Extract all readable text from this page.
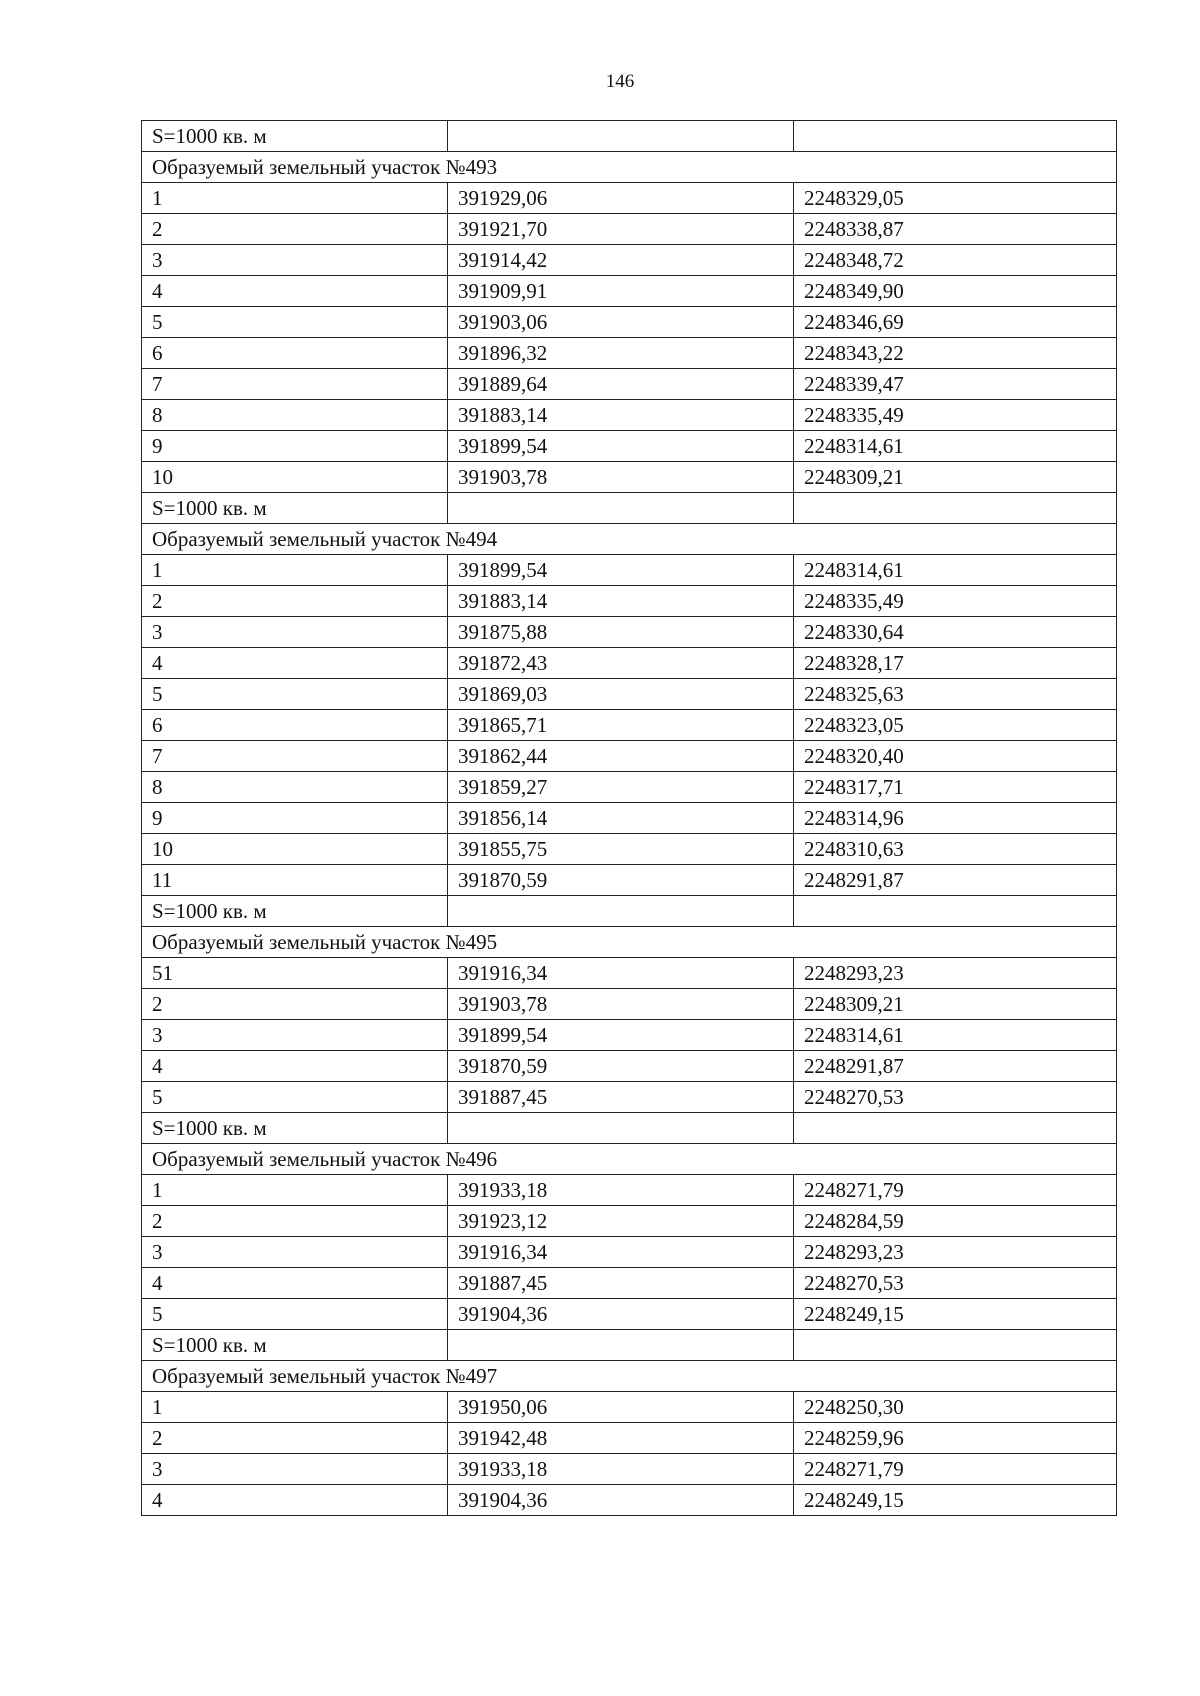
146
S=1000 кв. м		
Образуемый земельный участок №493		
1	391929,06	2248329,05
2	391921,70	2248338,87
3	391914,42	2248348,72
4	391909,91	2248349,90
5	391903,06	2248346,69
6	391896,32	2248343,22
7	391889,64	2248339,47
8	391883,14	2248335,49
9	391899,54	2248314,61
10	391903,78	2248309,21
S=1000 кв. м		
Образуемый земельный участок №494		
1	391899,54	2248314,61
2	391883,14	2248335,49
3	391875,88	2248330,64
4	391872,43	2248328,17
5	391869,03	2248325,63
6	391865,71	2248323,05
7	391862,44	2248320,40
8	391859,27	2248317,71
9	391856,14	2248314,96
10	391855,75	2248310,63
11	391870,59	2248291,87
S=1000 кв. м		
Образуемый земельный участок №495		
51	391916,34	2248293,23
2	391903,78	2248309,21
3	391899,54	2248314,61
4	391870,59	2248291,87
5	391887,45	2248270,53
S=1000 кв. м		
Образуемый земельный участок №496		
1	391933,18	2248271,79
2	391923,12	2248284,59
3	391916,34	2248293,23
4	391887,45	2248270,53
5	391904,36	2248249,15
S=1000 кв. м		
Образуемый земельный участок №497		
1	391950,06	2248250,30
2	391942,48	2248259,96
3	391933,18	2248271,79
4	391904,36	2248249,15
